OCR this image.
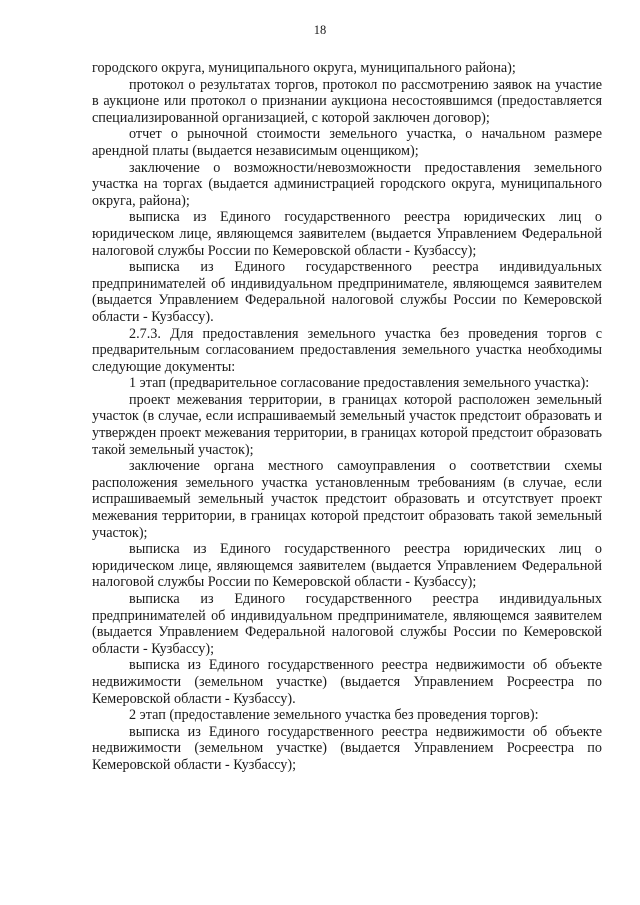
18

городского округа, муниципального округа, муниципального района);

протокол о результатах торгов, протокол по рассмотрению заявок на участие в аукционе или протокол о признании аукциона несостоявшимся (предоставляется специализированной организацией, с которой заключен договор);

отчет о рыночной стоимости земельного участка, о начальном размере арендной платы (выдается независимым оценщиком);

заключение о возможности/невозможности предоставления земельного участка на торгах (выдается администрацией городского округа, муниципального округа, района);

выписка из Единого государственного реестра юридических лиц о юридическом лице, являющемся заявителем (выдается Управлением Федеральной налоговой службы России по Кемеровской области - Кузбассу);

выписка из Единого государственного реестра индивидуальных предпринимателей об индивидуальном предпринимателе, являющемся заявителем (выдается Управлением Федеральной налоговой службы России по Кемеровской области - Кузбассу).

2.7.3. Для предоставления земельного участка без проведения торгов с предварительным согласованием предоставления земельного участка необходимы следующие документы:

1 этап (предварительное согласование предоставления земельного участка):

проект межевания территории, в границах которой расположен земельный участок (в случае, если испрашиваемый земельный участок предстоит образовать и утвержден проект межевания территории, в границах которой предстоит образовать такой земельный участок);

заключение органа местного самоуправления о соответствии схемы расположения земельного участка установленным требованиям (в случае, если испрашиваемый земельный участок предстоит образовать и отсутствует проект межевания территории, в границах которой предстоит образовать такой земельный участок);

выписка из Единого государственного реестра юридических лиц о юридическом лице, являющемся заявителем (выдается Управлением Федеральной налоговой службы России по Кемеровской области - Кузбассу);

выписка из Единого государственного реестра индивидуальных предпринимателей об индивидуальном предпринимателе, являющемся заявителем (выдается Управлением Федеральной налоговой службы России по Кемеровской области - Кузбассу);

выписка из Единого государственного реестра недвижимости об объекте недвижимости (земельном участке) (выдается Управлением Росреестра по Кемеровской области - Кузбассу).

2 этап (предоставление земельного участка без проведения торгов):

выписка из Единого государственного реестра недвижимости об объекте недвижимости (земельном участке) (выдается Управлением Росреестра по Кемеровской области - Кузбассу);
